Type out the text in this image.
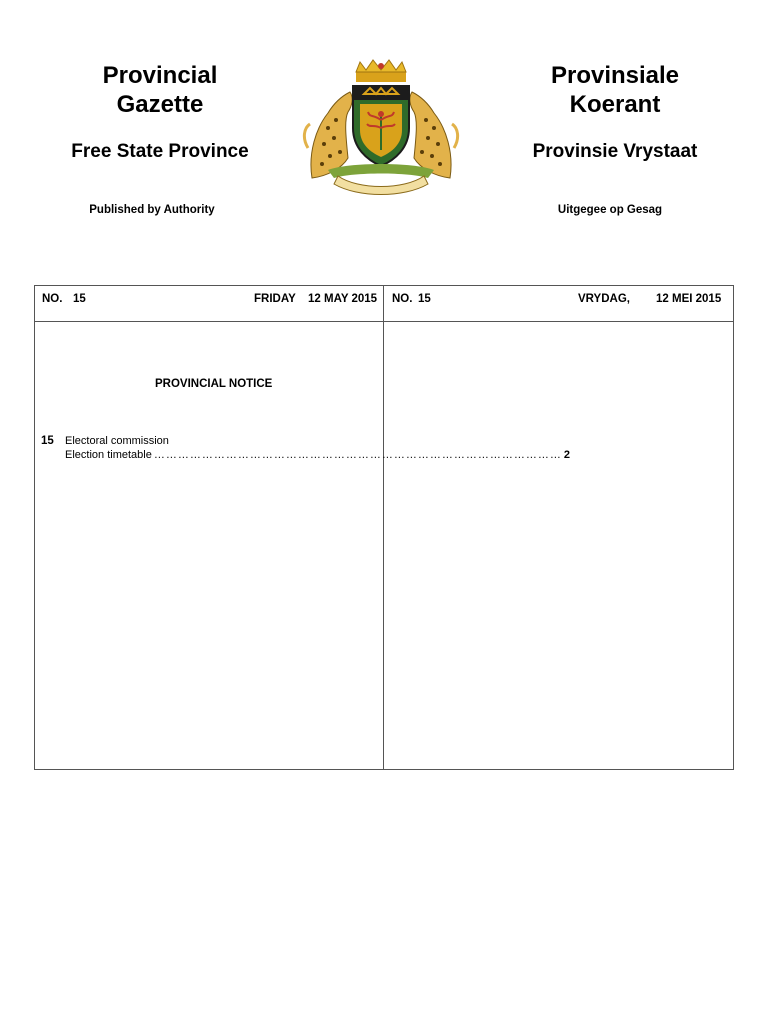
Provincial
Gazette
Provinsiale
Koerant
Free State Province	Provinsie Vrystaat
Published by Authority	Uitgegee op Gesag
NO. 15	FRIDAY 12 MAY 2015 NO. 15	VRYDAG, 12 MEI 2015
PROVINCIAL NOTICE
15 Electoral commission
Election timetable ………………………………………………………………………………………… 2
